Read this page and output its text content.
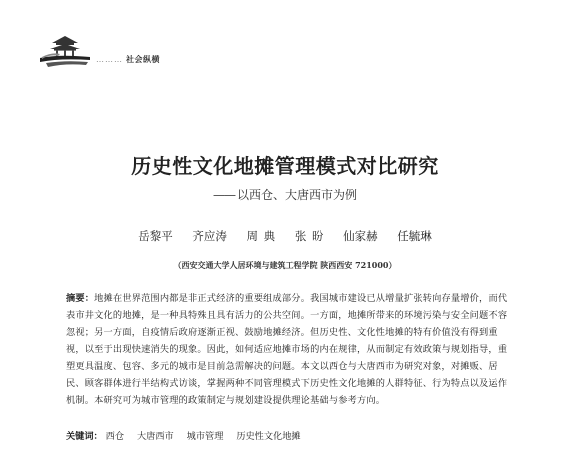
……… 社会纵横
历史性文化地摊管理模式对比研究
—— 以西仓、大唐西市为例
岳黎平 齐应涛 周 典 张 昐 仙家赫 任毓琳
（西安交通大学人居环境与建筑工程学院 陕西西安 721000）
摘要：地摊在世界范围内都是非正式经济的重要组成部分。我国城市建设已从增量扩张转向存量增价，而代表市井文化的地摊，是一种具特殊且具有活力的公共空间。一方面，地摊所带来的环境污染与安全问题不容忽视；另一方面，自疫情后政府逐渐正视、鼓励地摊经济。但历史性、文化性地摊的特有价值没有得到重视，以至于出现快速消失的现象。因此，如何适应地摊市场的内在规律，从而制定有效政策与规划指导，重塑更具温度、包容、多元的城市是目前急需解决的问题。本文以西仓与大唐西市为研究对象，对摊贩、居民、顾客群体进行半结构式访谈，掌握两种不同管理模式下历史性文化地摊的人群特征、行为特点以及运作机制。本研究可为城市管理的政策制定与规划建设提供理论基础与参考方向。
关键词： 西仓 大唐西市 城市管理 历史性文化地摊
